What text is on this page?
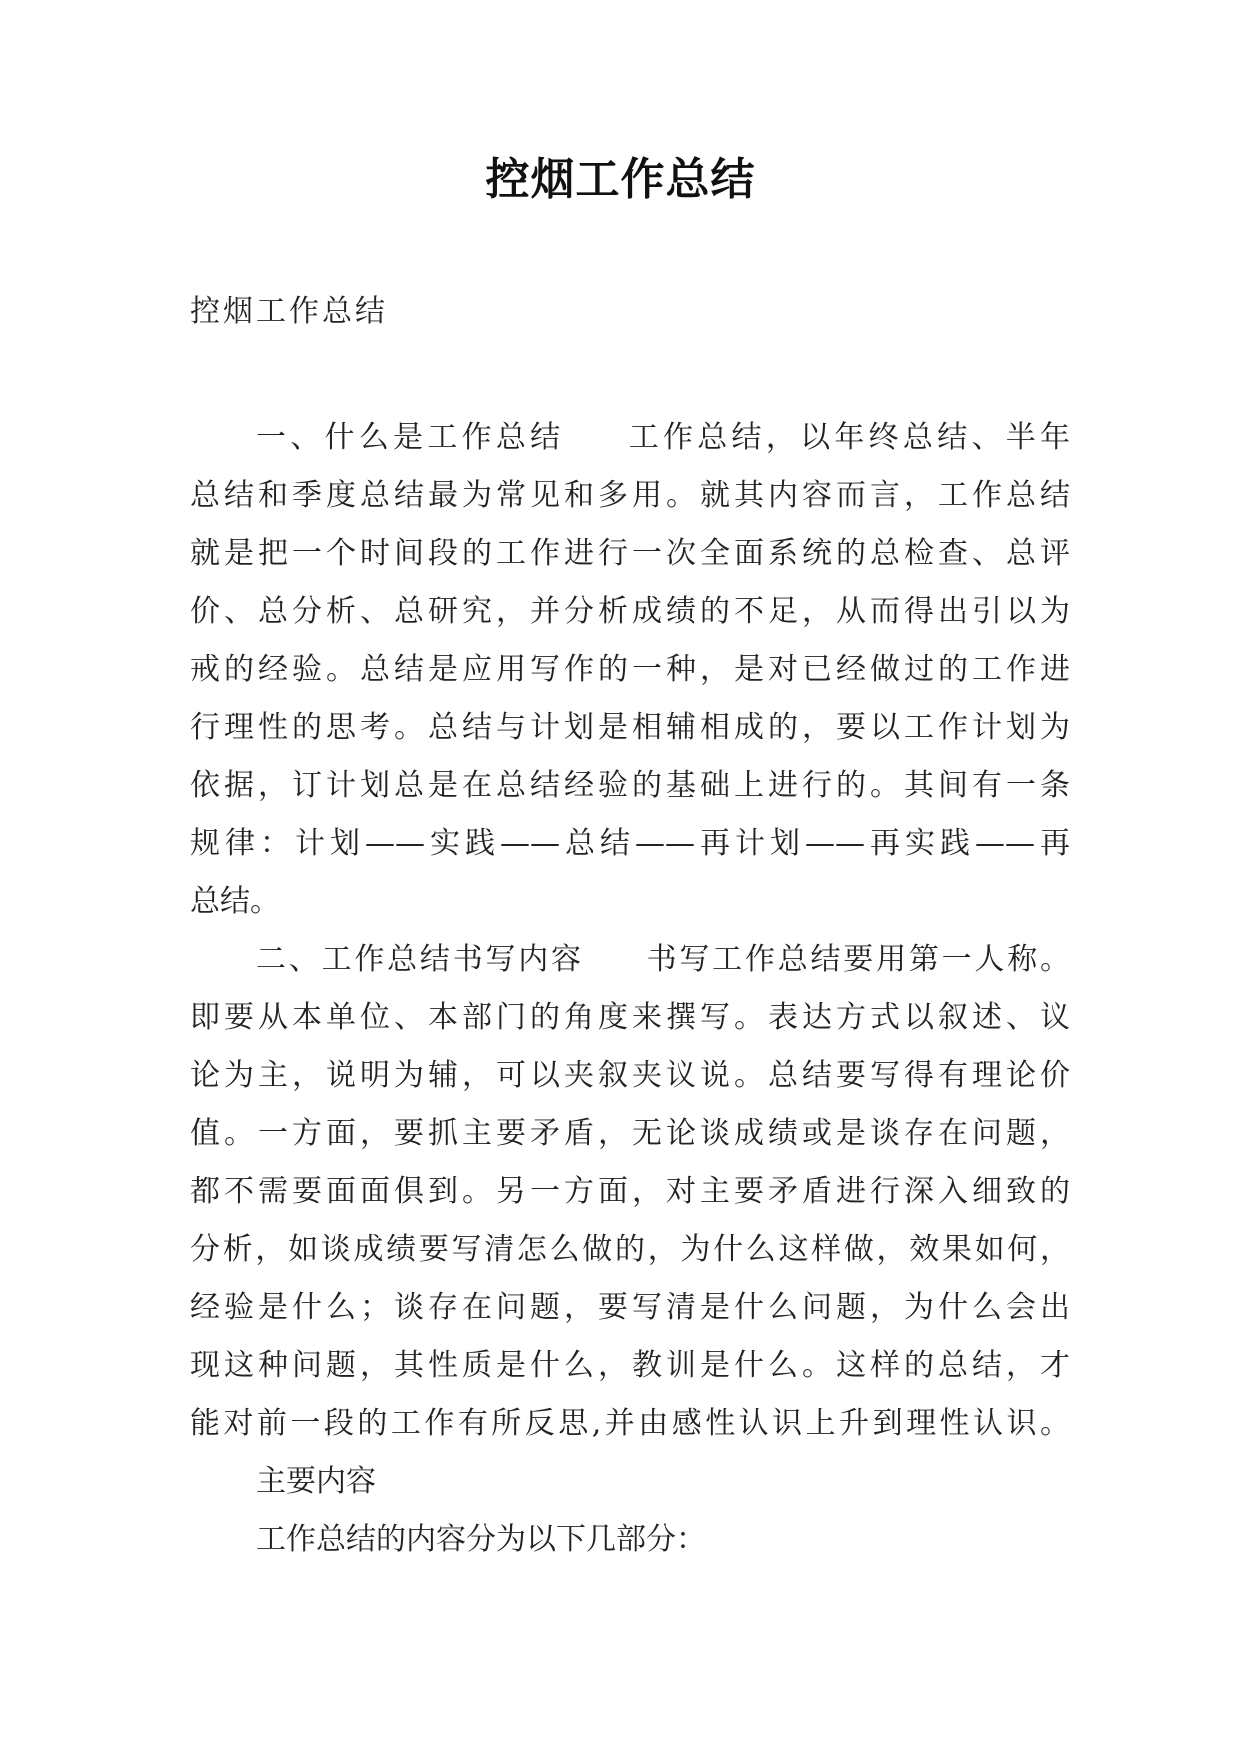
控烟工作总结
控烟工作总结
一、什么是工作总结 工作总结，以年终总结、半年
总结和季度总结最为常见和多用。就其内容而言，工作总结
就是把一个时间段的工作进行一次全面系统的总检查、总评
价、总分析、总研究，并分析成绩的不足，从而得出引以为
戒的经验。总结是应用写作的一种，是对已经做过的工作进
行理性的思考。总结与计划是相辅相成的，要以工作计划为
依据，订计划总是在总结经验的基础上进行的。其间有一条
规律：计划——实践——总结——再计划——再实践——再
总结。
二、工作总结书写内容 书写工作总结要用第一人称。
即要从本单位、本部门的角度来撰写。表达方式以叙述、议
论为主，说明为辅，可以夹叙夹议说。总结要写得有理论价
值。一方面，要抓主要矛盾，无论谈成绩或是谈存在问题，
都不需要面面俱到。另一方面，对主要矛盾进行深入细致的
分析，如谈成绩要写清怎么做的，为什么这样做，效果如何，
经验是什么；谈存在问题，要写清是什么问题，为什么会出
现这种问题，其性质是什么，教训是什么。这样的总结，才
能对前一段的工作有所反思,并由感性认识上升到理性认识。
主要内容
工作总结的内容分为以下几部分：
